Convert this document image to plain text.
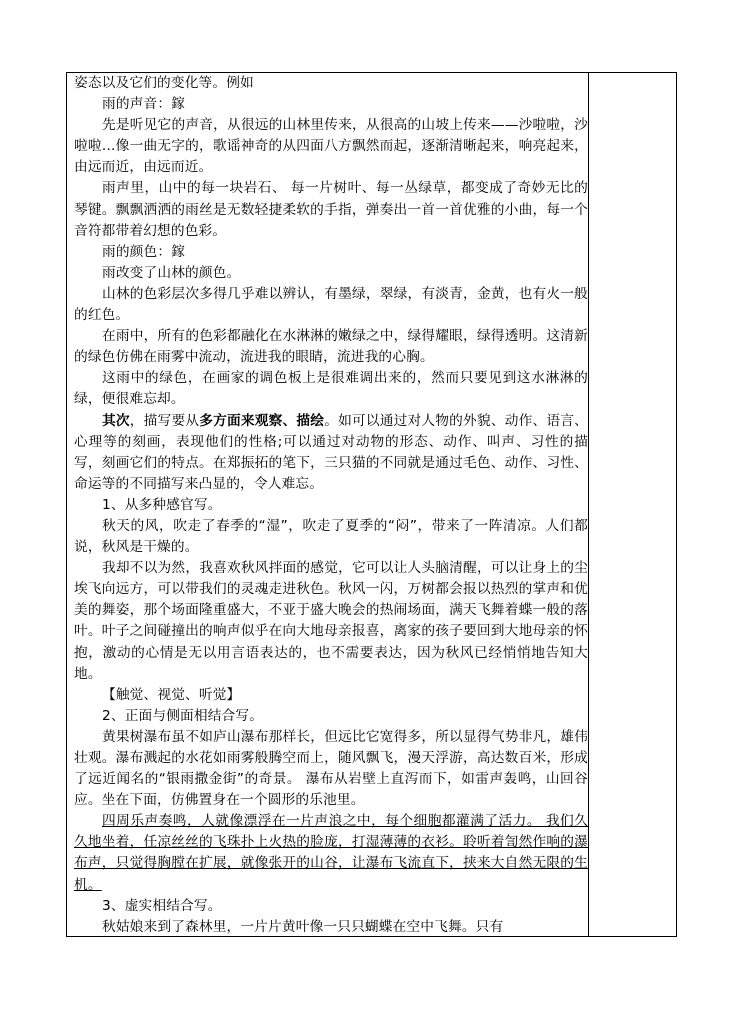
姿态以及它们的变化等。例如

雨的声音：鎵

先是听见它的声音，从很远的山林里传来，从很高的山坡上传来——沙啦啦，沙啦啦…像一曲无字的，歌谣神奇的从四面八方飘然而起，逐渐清晰起来，响亮起来，由远而近，由远而近。

雨声里，山中的每一块岩石、 每一片树叶、每一丛绿草，都变成了奇妙无比的琴键。飘飘洒洒的雨丝是无数轻捷柔软的手指，弹奏出一首一首优雅的小曲，每一个音符都带着幻想的色彩。

雨的颜色：鎵

雨改变了山林的颜色。

山林的色彩层次多得几乎难以辨认，有墨绿，翠绿，有淡青，金黄，也有火一般的红色。

在雨中，所有的色彩都融化在水淋淋的嫩绿之中，绿得耀眼，绿得透明。这清新的绿色仿佛在雨雾中流动，流进我的眼睛，流进我的心胸。

这雨中的绿色，在画家的调色板上是很难调出来的，然而只要见到这水淋淋的绿，便很难忘却。

其次，描写要从多方面来观察、描绘。如可以通过对人物的外貌、动作、语言、心理等的刻画，表现他们的性格;可以通过对动物的形态、动作、叫声、习性的描写，刻画它们的特点。在郑振拓的笔下，三只猫的不同就是通过毛色、动作、习性、命运等的不同描写来凸显的，令人难忘。

1、从多种感官写。

秋天的风，吹走了春季的“湿”，吹走了夏季的“闷”，带来了一阵清凉。人们都说，秋风是干燥的。

我却不以为然，我喜欢秋风拌面的感觉，它可以让人头脑清醒，可以让身上的尘埃飞向远方，可以带我们的灵魂走进秋色。秋风一闪，万树都会报以热烈的掌声和优美的舞姿，那个场面隆重盛大，不亚于盛大晚会的热闹场面，满天飞舞着蝶一般的落叶。叶子之间碰撞出的响声似乎在向大地母亲报喜，离家的孩子要回到大地母亲的怀抱，激动的心情是无以用言语表达的，也不需要表达，因为秋风已经悄悄地告知大地。

【触觉、视觉、听觉】

2、正面与侧面相结合写。

黄果树瀑布虽不如庐山瀑布那样长，但远比它宽得多，所以显得气势非凡，雄伟壮观。瀑布溅起的水花如雨雾般腾空而上，随风飘飞，漫天浮游，高达数百米，形成了远近闻名的“银雨撒金街”的奇景。 瀑布从岩壁上直泻而下，如雷声轰鸣，山回谷应。坐在下面，仿佛置身在一个圆形的乐池里。

四周乐声奏鸣，人就像漂浮在一片声浪之中，每个细胞都灌满了活力。 我们久久地坐着，任凉丝丝的飞珠扑上火热的脸庞，打湿薄薄的衣衫。聆听着訇然作响的瀑布声，只觉得胸膛在扩展，就像张开的山谷，让瀑布飞流直下，挟来大自然无限的生机。

3、虚实相结合写。

秋姑娘来到了森林里，一片片黄叶像一只只蝴蝶在空中飞舞。只有
